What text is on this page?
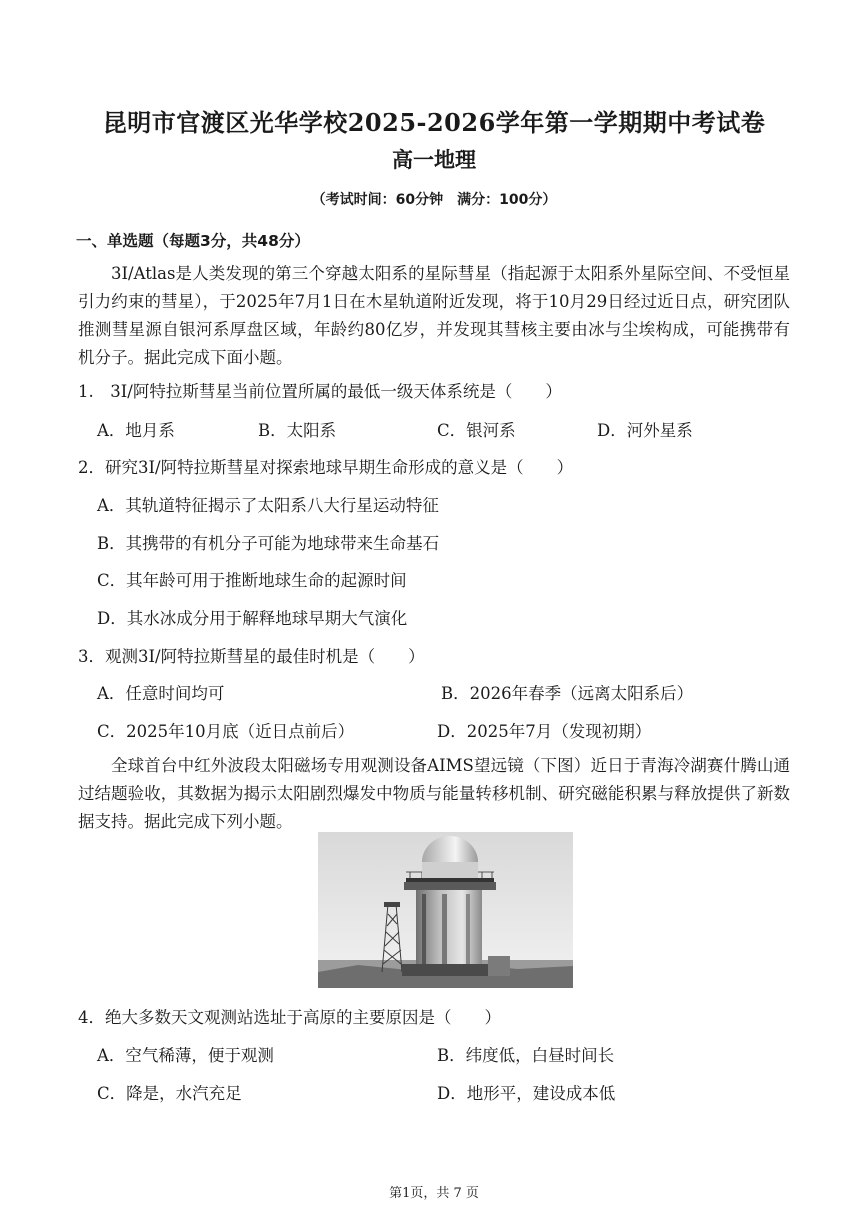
昆明市官渡区光华学校2025-2026学年第一学期期中考试卷
高一地理
（考试时间：60分钟　满分：100分）
一、单选题（每题3分，共48分）

3I/Atlas是人类发现的第三个穿越太阳系的星际彗星（指起源于太阳系外星际空间、不受恒星引力约束的彗星），于2025年7月1日在木星轨道附近发现，将于10月29日经过近日点，研究团队推测彗星源自银河系厚盘区域，年龄约80亿岁，并发现其彗核主要由冰与尘埃构成，可能携带有机分子。据此完成下面小题。

1.　3I/阿特拉斯彗星当前位置所属的最低一级天体系统是（　　）
A．地月系	B．太阳系	C．银河系	D．河外星系
2．研究3I/阿特拉斯彗星对探索地球早期生命形成的意义是（　　）
A．其轨道特征揭示了太阳系八大行星运动特征
B．其携带的有机分子可能为地球带来生命基石
C．其年龄可用于推断地球生命的起源时间
D．其水冰成分用于解释地球早期大气演化
3．观测3I/阿特拉斯彗星的最佳时机是（　　）
A．任意时间均可	B．2026年春季（远离太阳系后）
C．2025年10月底（近日点前后）	D．2025年7月（发现初期）

全球首台中红外波段太阳磁场专用观测设备AIMS望远镜（下图）近日于青海冷湖赛什腾山通过结题验收，其数据为揭示太阳剧烈爆发中物质与能量转移机制、研究磁能积累与释放提供了新数据支持。据此完成下列小题。

4．绝大多数天文观测站选址于高原的主要原因是（　　）
A．空气稀薄，便于观测	B．纬度低，白昼时间长
C．降是，水汽充足	D．地形平，建设成本低
第1页，共 7 页
